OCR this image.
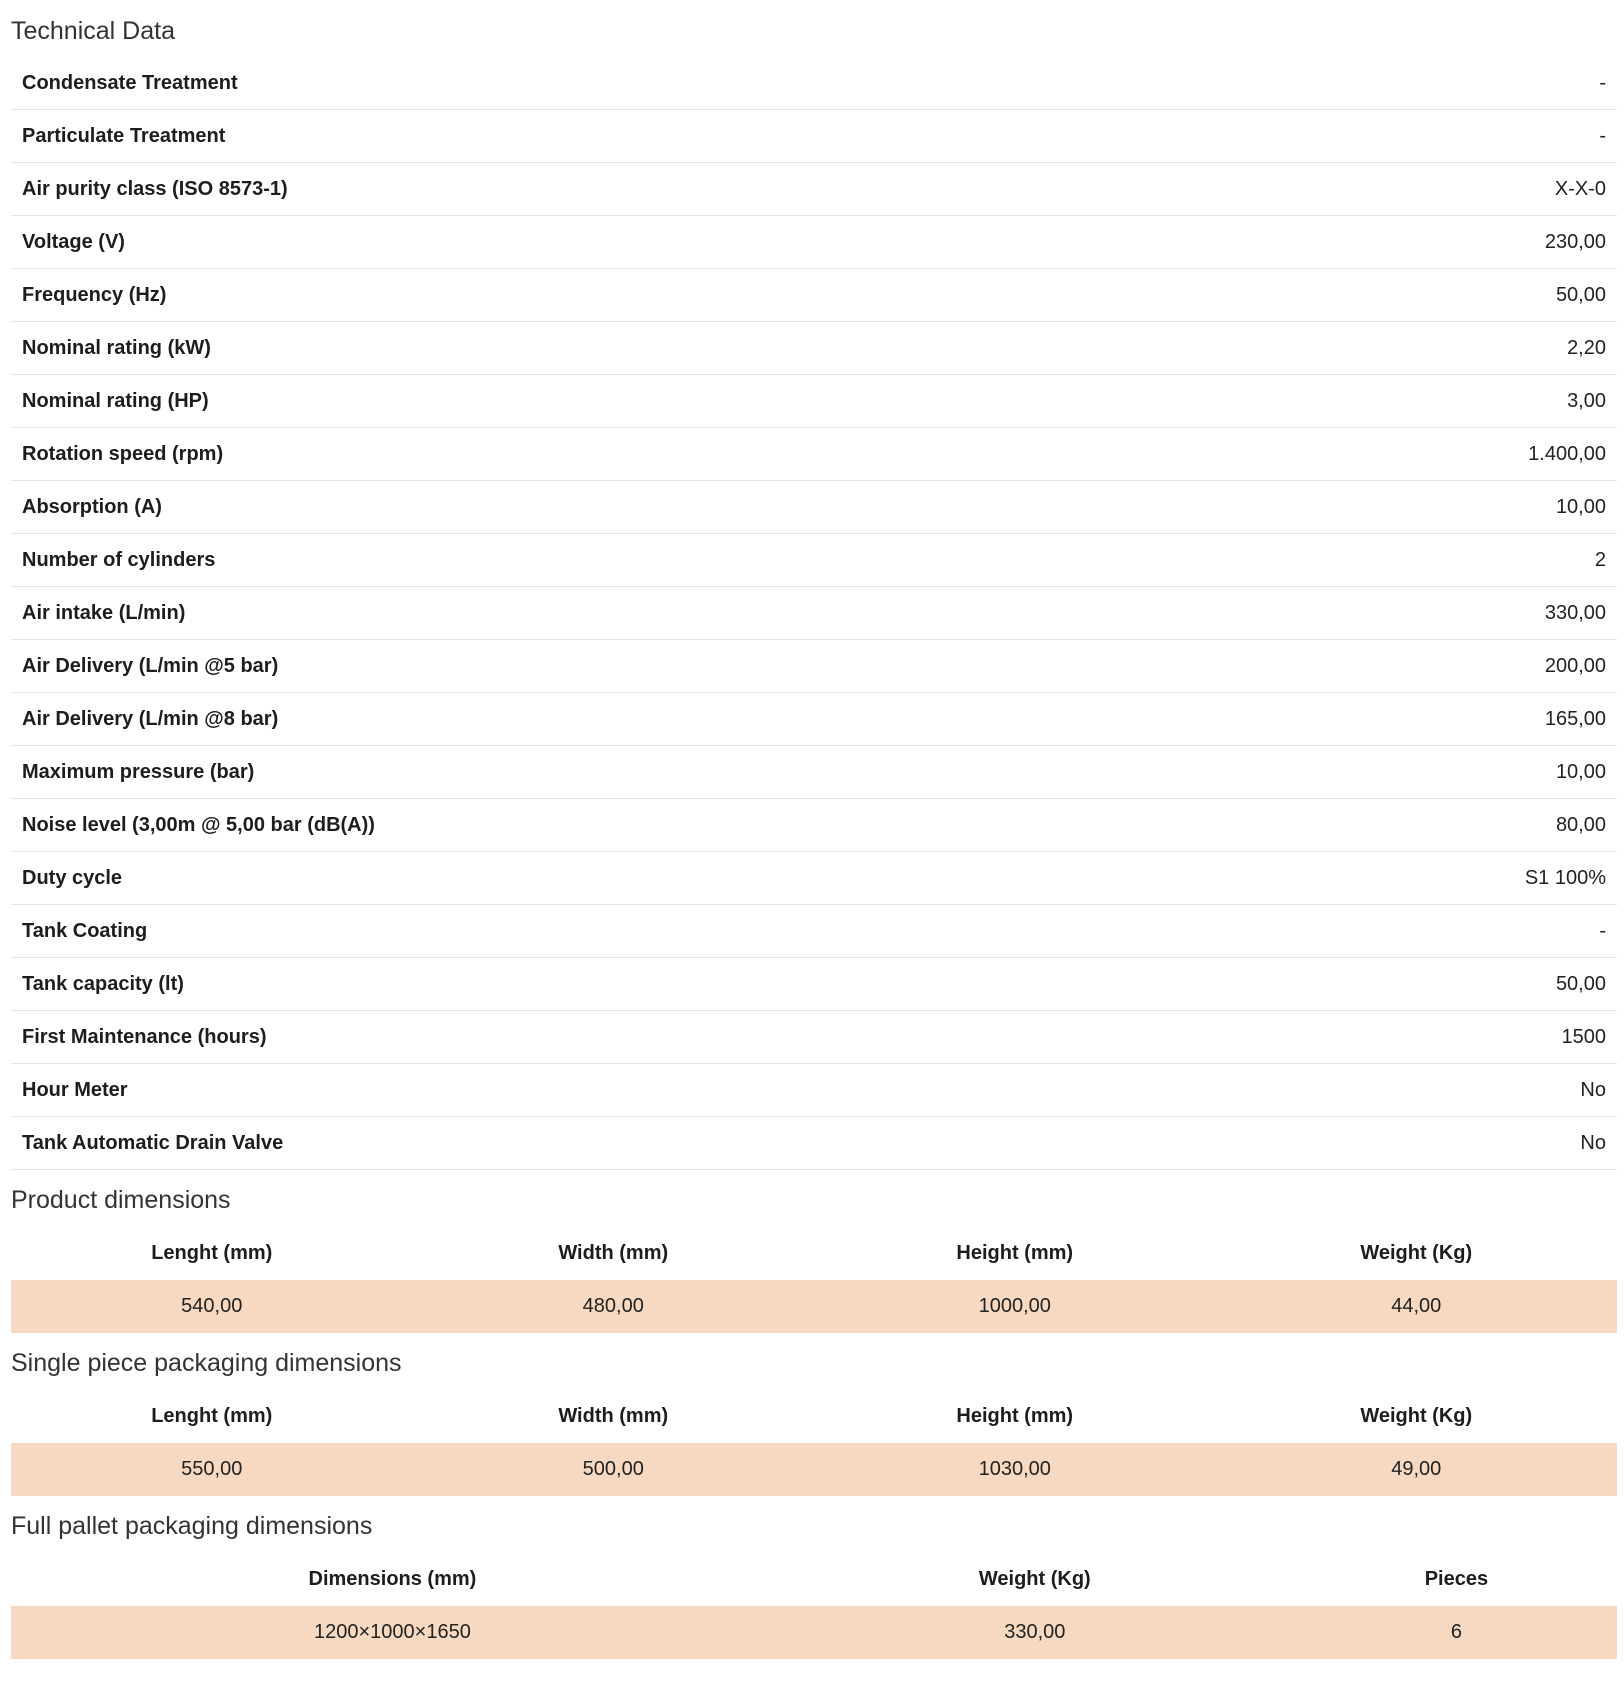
Technical Data
Condensate Treatment	-
Particulate Treatment	-
Air purity class (ISO 8573-1)	X-X-0
Voltage (V)	230,00
Frequency (Hz)	50,00
Nominal rating (kW)	2,20
Nominal rating (HP)	3,00
Rotation speed (rpm)	1.400,00
Absorption (A)	10,00
Number of cylinders	2
Air intake (L/min)	330,00
Air Delivery (L/min @5 bar)	200,00
Air Delivery (L/min @8 bar)	165,00
Maximum pressure (bar)	10,00
Noise level (3,00m @ 5,00 bar (dB(A))	80,00
Duty cycle	S1 100%
Tank Coating	-
Tank capacity (lt)	50,00
First Maintenance (hours)	1500
Hour Meter	No
Tank Automatic Drain Valve	No
Product dimensions
Lenght (mm)	Width (mm)	Height (mm)	Weight (Kg)
540,00	480,00	1000,00	44,00
Single piece packaging dimensions
Lenght (mm)	Width (mm)	Height (mm)	Weight (Kg)
550,00	500,00	1030,00	49,00
Full pallet packaging dimensions
Dimensions (mm)	Weight (Kg)	Pieces
1200×1000×1650	330,00	6
